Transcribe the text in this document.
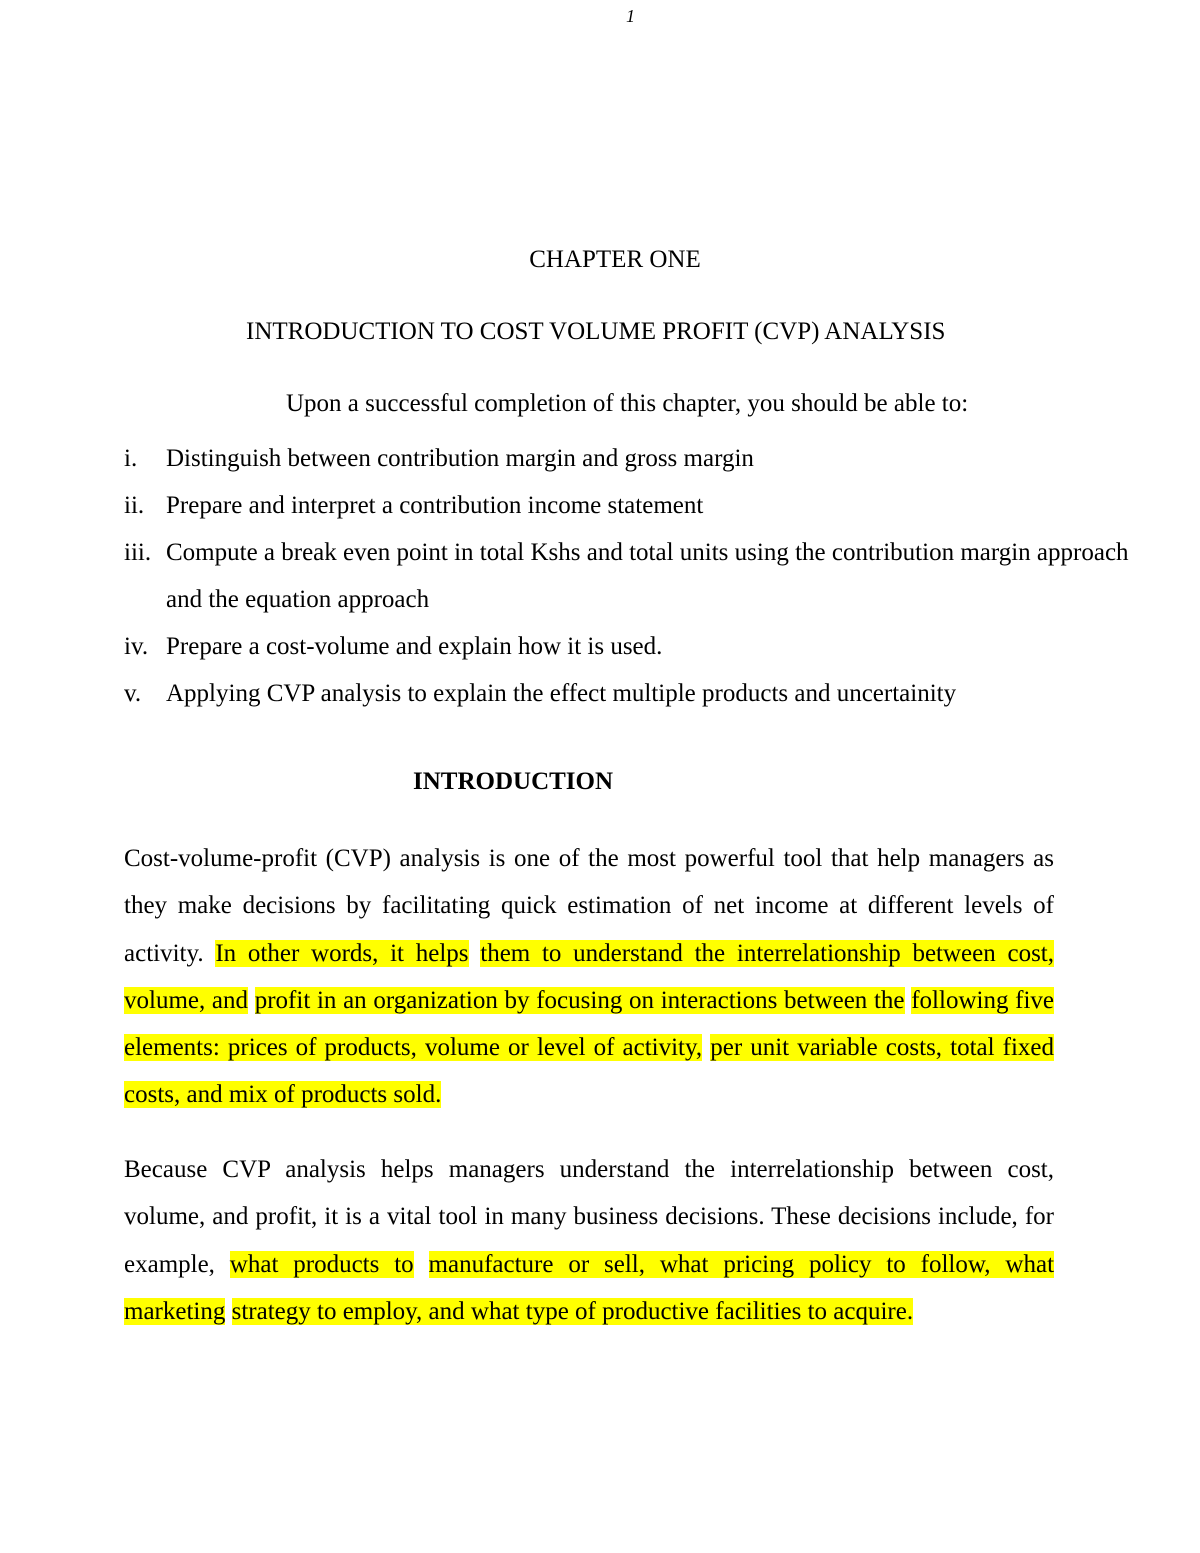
1
CHAPTER ONE
INTRODUCTION TO COST VOLUME PROFIT (CVP) ANALYSIS
Upon a successful completion of this chapter, you should be able to:
i. Distinguish between contribution margin and gross margin
ii. Prepare and interpret a contribution income statement
iii. Compute a break even point in total Kshs and total units using the contribution margin approach and the equation approach
iv. Prepare a cost-volume and explain how it is used.
v. Applying CVP analysis to explain the effect multiple products and uncertainity
INTRODUCTION

Cost-volume-profit (CVP) analysis is one of the most powerful tool that help managers as they make decisions by facilitating quick estimation of net income at different levels of activity. In other words, it helps them to understand the interrelationship between cost, volume, and profit in an organization by focusing on interactions between the following five elements: prices of products, volume or level of activity, per unit variable costs, total fixed costs, and mix of products sold.

Because CVP analysis helps managers understand the interrelationship between cost, volume, and profit, it is a vital tool in many business decisions. These decisions include, for example, what products to manufacture or sell, what pricing policy to follow, what marketing strategy to employ, and what type of productive facilities to acquire.
